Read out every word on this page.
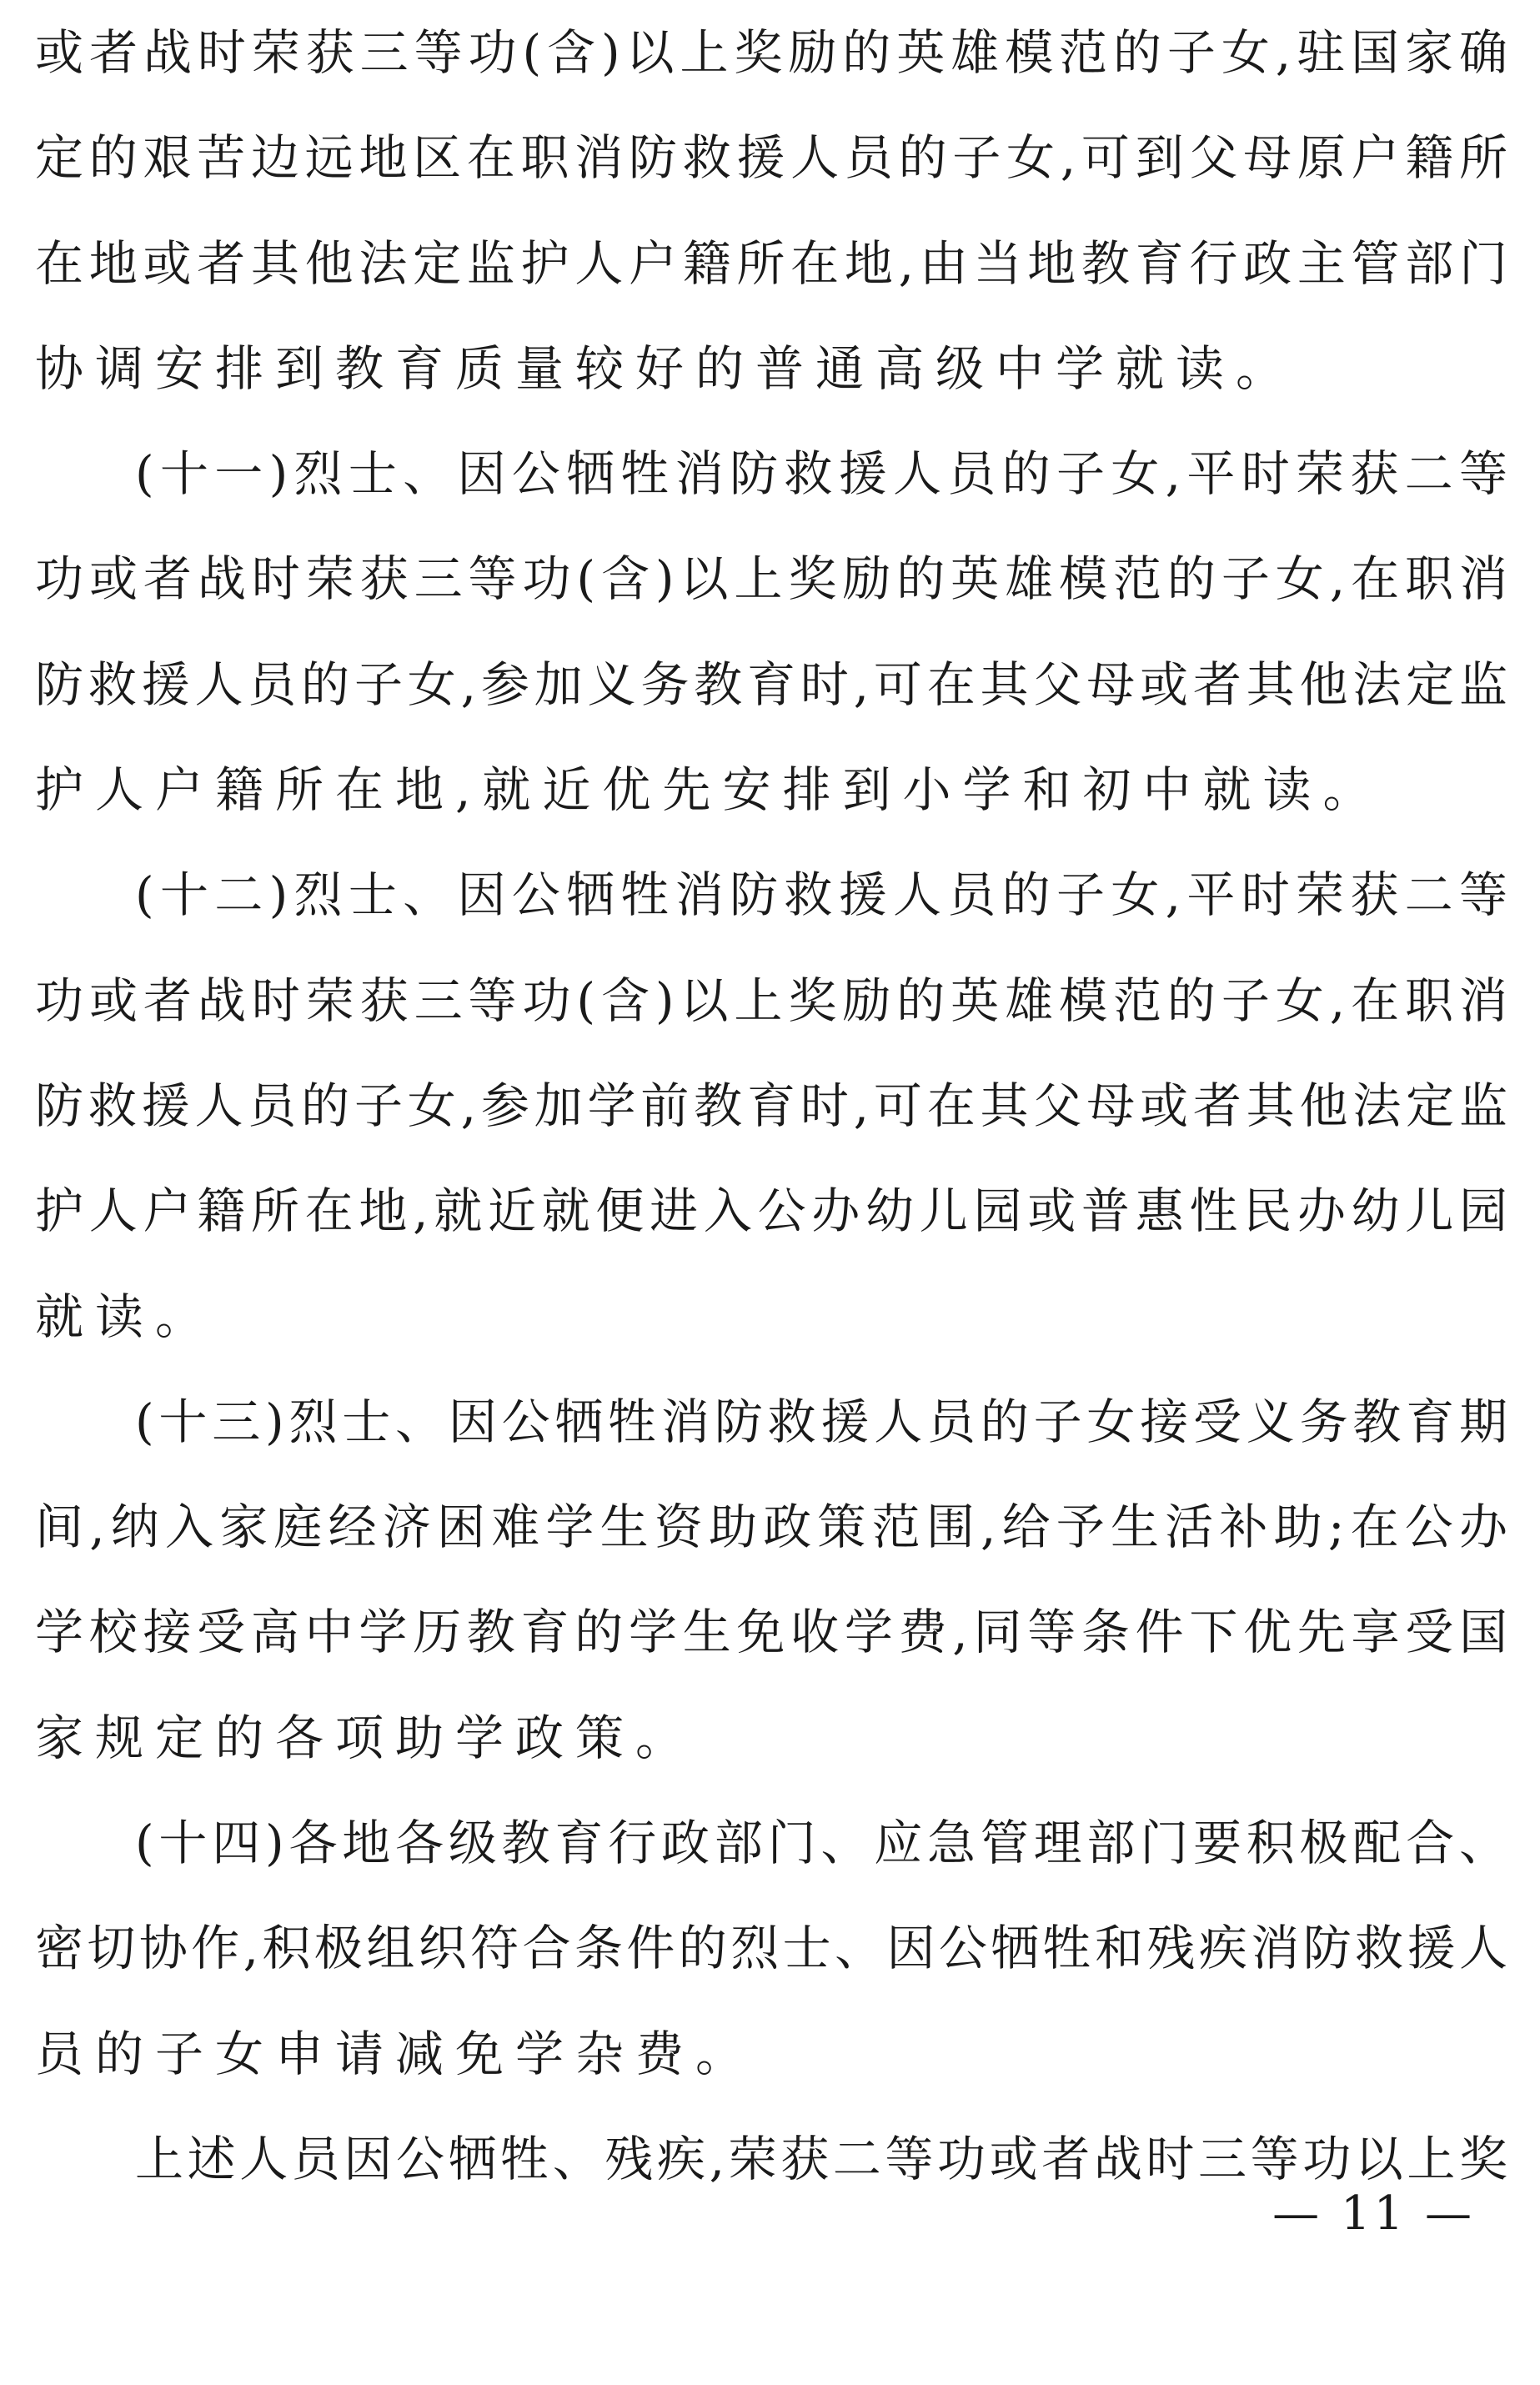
或者战时荣获三等功(含)以上奖励的英雄模范的子女,驻国家确
定的艰苦边远地区在职消防救援人员的子女,可到父母原户籍所
在地或者其他法定监护人户籍所在地,由当地教育行政主管部门
协调安排到教育质量较好的普通高级中学就读。
(十一)烈士、因公牺牲消防救援人员的子女,平时荣获二等
功或者战时荣获三等功(含)以上奖励的英雄模范的子女,在职消
防救援人员的子女,参加义务教育时,可在其父母或者其他法定监
护人户籍所在地,就近优先安排到小学和初中就读。
(十二)烈士、因公牺牲消防救援人员的子女,平时荣获二等
功或者战时荣获三等功(含)以上奖励的英雄模范的子女,在职消
防救援人员的子女,参加学前教育时,可在其父母或者其他法定监
护人户籍所在地,就近就便进入公办幼儿园或普惠性民办幼儿园
就读。
(十三)烈士、因公牺牲消防救援人员的子女接受义务教育期
间,纳入家庭经济困难学生资助政策范围,给予生活补助;在公办
学校接受高中学历教育的学生免收学费,同等条件下优先享受国
家规定的各项助学政策。
(十四)各地各级教育行政部门、应急管理部门要积极配合、
密切协作,积极组织符合条件的烈士、因公牺牲和残疾消防救援人
员的子女申请减免学杂费。
上述人员因公牺牲、残疾,荣获二等功或者战时三等功以上奖
— 11 —
